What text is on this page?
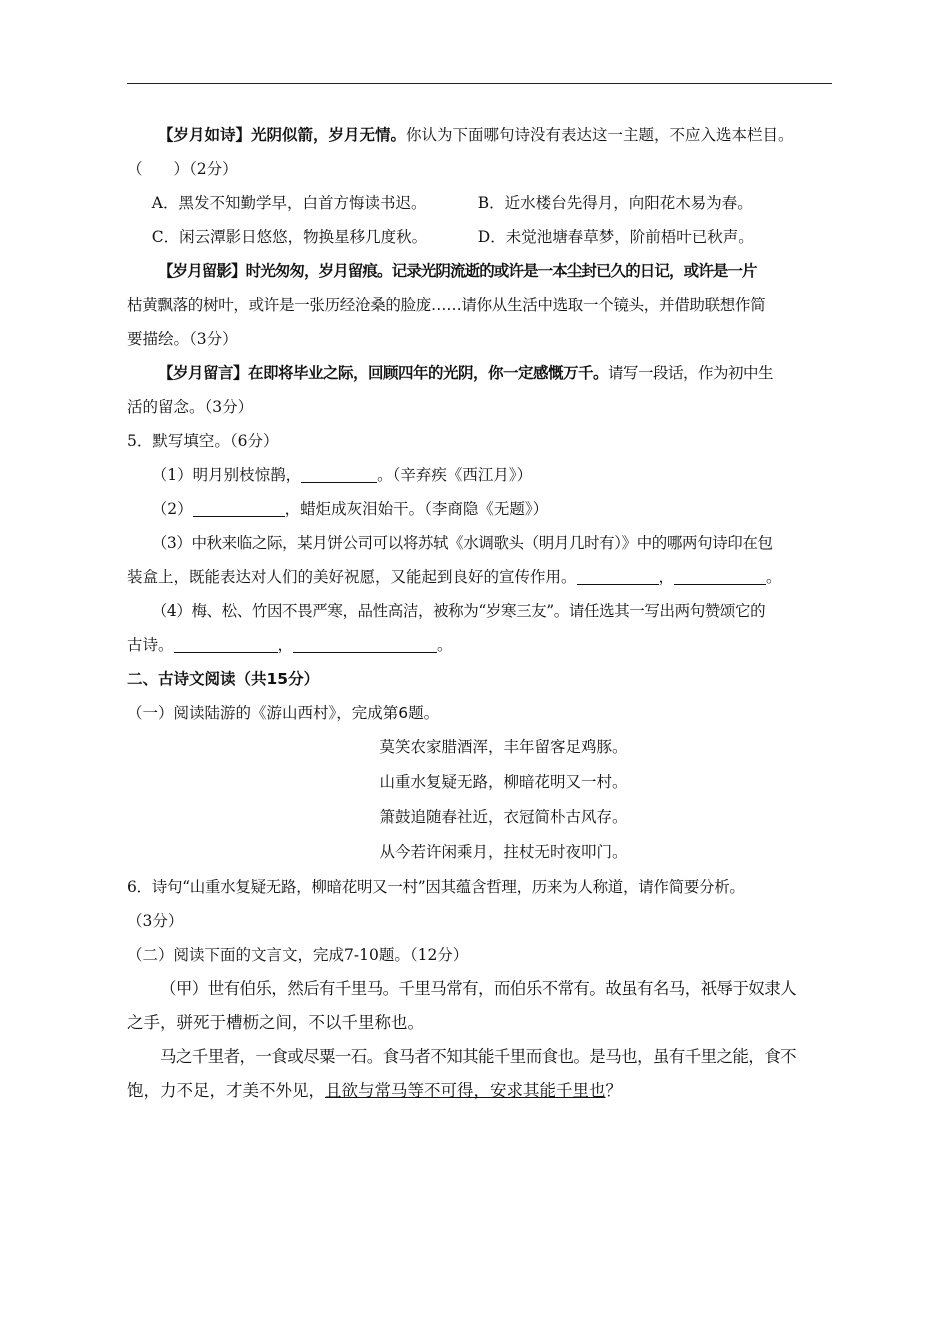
【岁月如诗】光阴似箭，岁月无情。你认为下面哪句诗没有表达这一主题，不应入选本栏目。
（　　）（2分）
A．黑发不知勤学早，白首方悔读书迟。	B．近水楼台先得月，向阳花木易为春。
C．闲云潭影日悠悠，物换星移几度秋。	D．未觉池塘春草梦，阶前梧叶已秋声。
【岁月留影】时光匆匆，岁月留痕。记录光阴流逝的或许是一本尘封已久的日记，或许是一片
枯黄飘落的树叶，或许是一张历经沧桑的脸庞……请你从生活中选取一个镜头，并借助联想作简
要描绘。（3分）
【岁月留言】在即将毕业之际，回顾四年的光阴，你一定感慨万千。请写一段话，作为初中生
活的留念。（3分）
5．默写填空。（6分）
（1）明月别枝惊鹊，	。（辛弃疾《西江月》）
（2）	，蜡炬成灰泪始干。（李商隐《无题》）
（3）中秋来临之际，某月饼公司可以将苏轼《水调歌头（明月几时有）》中的哪两句诗印在包
装盒上，既能表达对人们的美好祝愿，又能起到良好的宣传作用。	，	。
（4）梅、松、竹因不畏严寒，品性高洁，被称为“岁寒三友”。请任选其一写出两句赞颂它的
古诗。	，	。
二、古诗文阅读（共15分）
（一）阅读陆游的《游山西村》，完成第6题。
莫笑农家腊酒浑，丰年留客足鸡豚。
山重水复疑无路，柳暗花明又一村。
箫鼓追随春社近，衣冠简朴古风存。
从今若许闲乘月，拄杖无时夜叩门。
6．诗句“山重水复疑无路，柳暗花明又一村”因其蕴含哲理，历来为人称道，请作简要分析。
（3分）
（二）阅读下面的文言文，完成7-10题。（12分）
（甲）世有伯乐，然后有千里马。千里马常有，而伯乐不常有。故虽有名马，祇辱于奴隶人
之手，骈死于槽枥之间，不以千里称也。
马之千里者，一食或尽粟一石。食马者不知其能千里而食也。是马也，虽有千里之能，食不
饱，力不足，才美不外见，且欲与常马等不可得，安求其能千里也？
